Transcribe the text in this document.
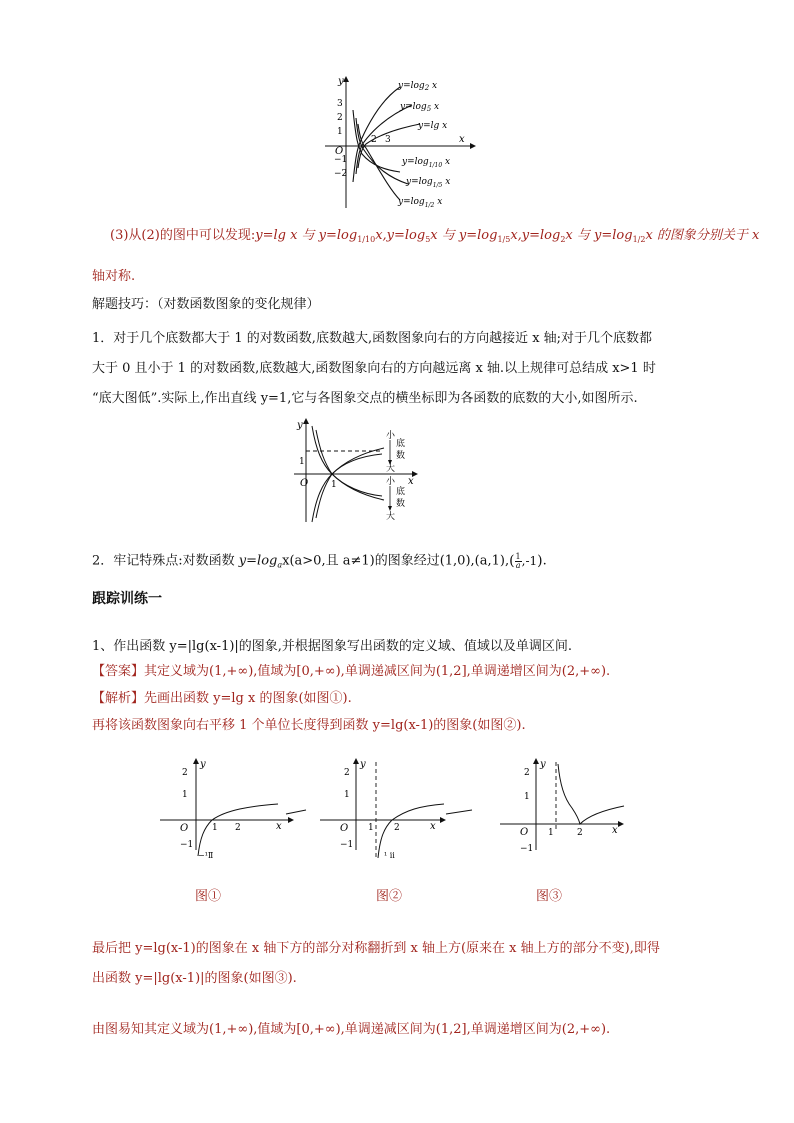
y
x
O
3
2
1
−1
−2
2 3
$y=\log_2$ x
$y=\log_5$ x
y=lg x
$y=\log_{1/10}$ x
$y=\log_{1/5}$ x
$y=\log_{1/2}$ x
(3)从(2)的图中可以发现:y=lg x 与 $y=\log_{1/10}x,y=\log_5x$ 与 $y=\log_{1/5}x,y=\log_2x$ 与 $y=\log_{1/2}x$ 的图象分别关于 x
轴对称.
解题技巧：（对数函数图象的变化规律）
1．对于几个底数都大于 1 的对数函数,底数越大,函数图象向右的方向越接近 x 轴;对于几个底数都
大于 0 且小于 1 的对数函数,底数越大,函数图象向右的方向越远离 x 轴.以上规律可总结成 x>1 时
“底大图低”.实际上,作出直线 y=1,它与各图象交点的横坐标即为各函数的底数的大小,如图所示.
y
x
O
1
1
小
底
数
大
小
底
数
大
2．牢记特殊点:对数函数 $y=\log_ax(a>0$,且 a≠1)的图象经过$(1,0),(a,1),( \frac{1}{a} ,-1)$.
跟踪训练一
1、作出函数 y=|lg(x-1)|的图象,并根据图象写出函数的定义域、值域以及单调区间.
【答案】其定义域为(1,+∞),值域为[0,+∞),单调递减区间为(1,2],单调递增区间为(2,+∞).
【解析】先画出函数 y=lg x 的图象(如图①).
再将该函数图象向右平移 1 个单位长度得到函数 y=lg(x-1)的图象(如图②).
y
2
1
O	1 2	x
−1
−¹Ⅱ
y
2
1
O 1 2	x
−1
¹ ⅱ
y
2
1
O 1	2	x
−1
图①	图②	图③
最后把 y=lg(x-1)的图象在 x 轴下方的部分对称翻折到 x 轴上方(原来在 x 轴上方的部分不变),即得
出函数 y=|lg(x-1)|的图象(如图③).
由图易知其定义域为(1,+∞),值域为[0,+∞),单调递减区间为(1,2],单调递增区间为(2,+∞).
